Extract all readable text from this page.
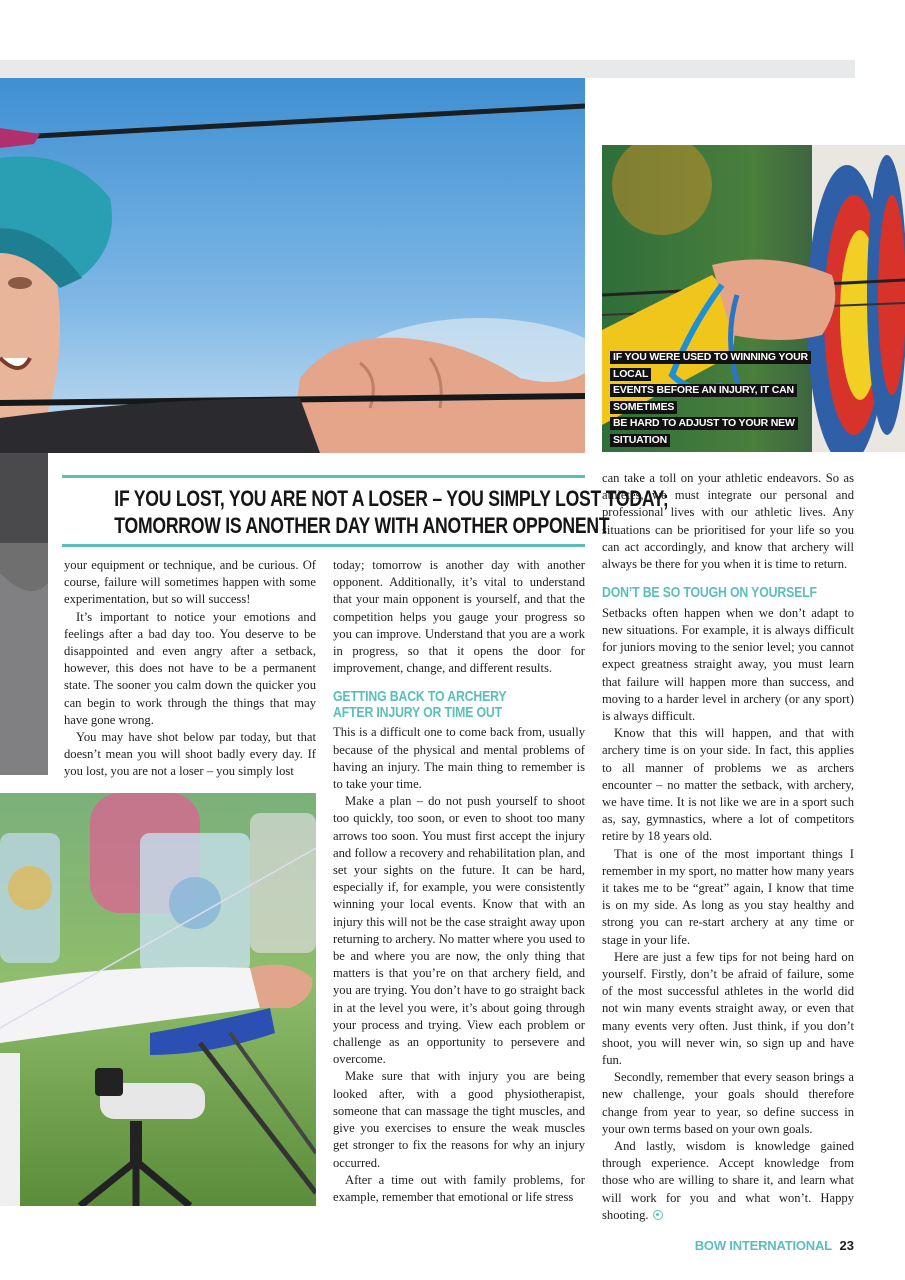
IF YOU WERE USED TO WINNING YOUR LOCAL
EVENTS BEFORE AN INJURY, IT CAN SOMETIMES
BE HARD TO ADJUST TO YOUR NEW SITUATION

IF YOU LOST, YOU ARE NOT A LOSER – YOU SIMPLY LOST TODAY;

TOMORROW IS ANOTHER DAY WITH ANOTHER OPPONENT

your equipment or technique, and be curious. Of course, failure will sometimes happen with some experimentation, but so will success!

It’s important to notice your emotions and feelings after a bad day too. You deserve to be disappointed and even angry after a setback, however, this does not have to be a permanent state. The sooner you calm down the quicker you can begin to work through the things that may have gone wrong.

You may have shot below par today, but that doesn’t mean you will shoot badly every day. If you lost, you are not a loser – you simply lost

today; tomorrow is another day with another opponent. Additionally, it’s vital to understand that your main opponent is yourself, and that the competition helps you gauge your progress so you can improve. Understand that you are a work in progress, so that it opens the door for improvement, change, and different results.

GETTING BACK TO ARCHERY
AFTER INJURY OR TIME OUT

This is a difficult one to come back from, usually because of the physical and mental problems of having an injury. The main thing to remember is to take your time.

Make a plan – do not push yourself to shoot too quickly, too soon, or even to shoot too many arrows too soon. You must first accept the injury and follow a recovery and rehabilitation plan, and set your sights on the future. It can be hard, especially if, for example, you were consistently winning your local events. Know that with an injury this will not be the case straight away upon returning to archery. No matter where you used to be and where you are now, the only thing that matters is that you’re on that archery field, and you are trying. You don’t have to go straight back in at the level you were, it’s about going through your process and trying. View each problem or challenge as an opportunity to persevere and overcome.

Make sure that with injury you are being looked after, with a good physiotherapist, someone that can massage the tight muscles, and give you exercises to ensure the weak muscles get stronger to fix the reasons for why an injury occurred.

After a time out with family problems, for example, remember that emotional or life stress

can take a toll on your athletic endeavors. So as athletes, we must integrate our personal and professional lives with our athletic lives. Any situations can be prioritised for your life so you can act accordingly, and know that archery will always be there for you when it is time to return.

DON’T BE SO TOUGH ON YOURSELF

Setbacks often happen when we don’t adapt to new situations. For example, it is always difficult for juniors moving to the senior level; you cannot expect greatness straight away, you must learn that failure will happen more than success, and moving to a harder level in archery (or any sport) is always difficult.

Know that this will happen, and that with archery time is on your side. In fact, this applies to all manner of problems we as archers encounter – no matter the setback, with archery, we have time. It is not like we are in a sport such as, say, gymnastics, where a lot of competitors retire by 18 years old.

That is one of the most important things I remember in my sport, no matter how many years it takes me to be “great” again, I know that time is on my side. As long as you stay healthy and strong you can re-start archery at any time or stage in your life.

Here are just a few tips for not being hard on yourself. Firstly, don’t be afraid of failure, some of the most successful athletes in the world did not win many events straight away, or even that many events very often. Just think, if you don’t shoot, you will never win, so sign up and have fun.

Secondly, remember that every season brings a new challenge, your goals should therefore change from year to year, so define success in your own terms based on your own goals.

And lastly, wisdom is knowledge gained through experience. Accept knowledge from those who are willing to share it, and learn what will work for you and what won’t. Happy shooting.

BOW INTERNATIONAL 23
